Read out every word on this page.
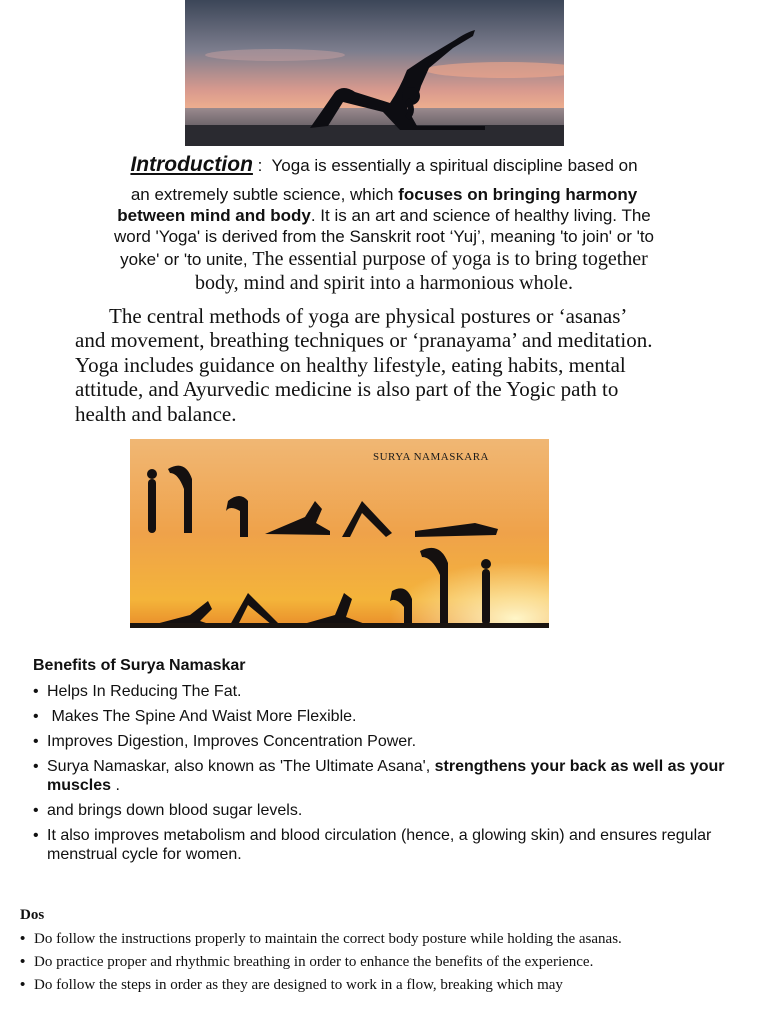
Introduction :  Yoga is essentially a spiritual discipline based on
an extremely subtle science, which focuses on bringing harmony
between mind and body. It is an art and science of healthy living. The
word 'Yoga' is derived from the Sanskrit root ‘Yuj’, meaning 'to join' or 'to
yoke' or 'to unite, The essential purpose of yoga is to bring together
body, mind and spirit into a harmonious whole.
The central methods of yoga are physical postures or ‘asanas’
and movement, breathing techniques or ‘pranayama’ and meditation.
Yoga includes guidance on healthy lifestyle, eating habits, mental
attitude, and Ayurvedic medicine is also part of the Yogic path to
health and balance.
SURYA NAMASKARA
Benefits of Surya Namaskar
• Helps In Reducing The Fat.
• Makes The Spine And Waist More Flexible.
• Improves Digestion, Improves Concentration Power.
• Surya Namaskar, also known as 'The Ultimate Asana', strengthens your back as well as your muscles .
• and brings down blood sugar levels.
• It also improves metabolism and blood circulation (hence, a glowing skin) and ensures regular menstrual cycle for women.
Dos
• Do follow the instructions properly to maintain the correct body posture while holding the asanas.
• Do practice proper and rhythmic breathing in order to enhance the benefits of the experience.
• Do follow the steps in order as they are designed to work in a flow, breaking which may
